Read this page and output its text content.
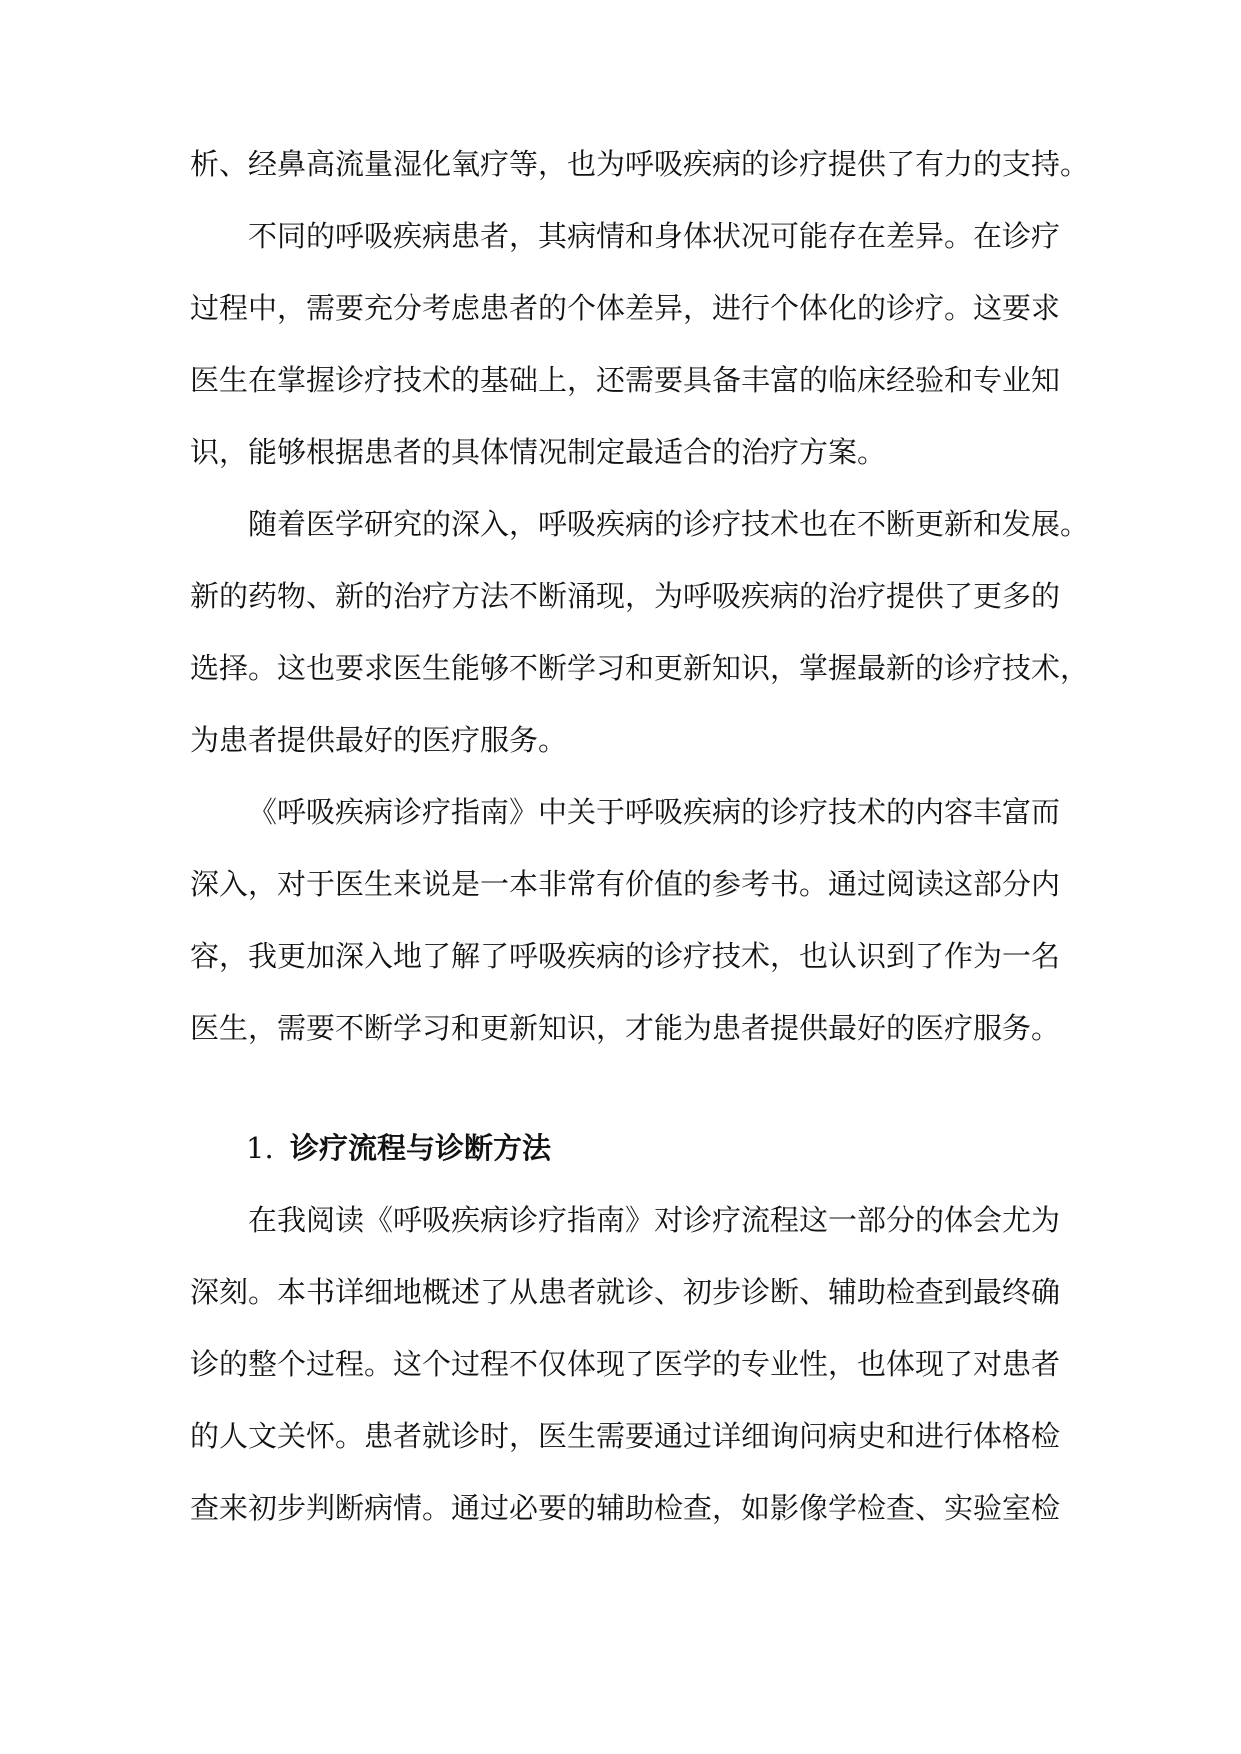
析、经鼻高流量湿化氧疗等，也为呼吸疾病的诊疗提供了有力的支持。
不同的呼吸疾病患者，其病情和身体状况可能存在差异。在诊疗
过程中，需要充分考虑患者的个体差异，进行个体化的诊疗。这要求
医生在掌握诊疗技术的基础上，还需要具备丰富的临床经验和专业知
识，能够根据患者的具体情况制定最适合的治疗方案。
随着医学研究的深入，呼吸疾病的诊疗技术也在不断更新和发展。
新的药物、新的治疗方法不断涌现，为呼吸疾病的治疗提供了更多的
选择。这也要求医生能够不断学习和更新知识，掌握最新的诊疗技术，
为患者提供最好的医疗服务。
《呼吸疾病诊疗指南》中关于呼吸疾病的诊疗技术的内容丰富而
深入，对于医生来说是一本非常有价值的参考书。通过阅读这部分内
容，我更加深入地了解了呼吸疾病的诊疗技术，也认识到了作为一名
医生，需要不断学习和更新知识，才能为患者提供最好的医疗服务。
1. 诊疗流程与诊断方法
在我阅读《呼吸疾病诊疗指南》对诊疗流程这一部分的体会尤为
深刻。本书详细地概述了从患者就诊、初步诊断、辅助检查到最终确
诊的整个过程。这个过程不仅体现了医学的专业性，也体现了对患者
的人文关怀。患者就诊时，医生需要通过详细询问病史和进行体格检
查来初步判断病情。通过必要的辅助检查，如影像学检查、实验室检
